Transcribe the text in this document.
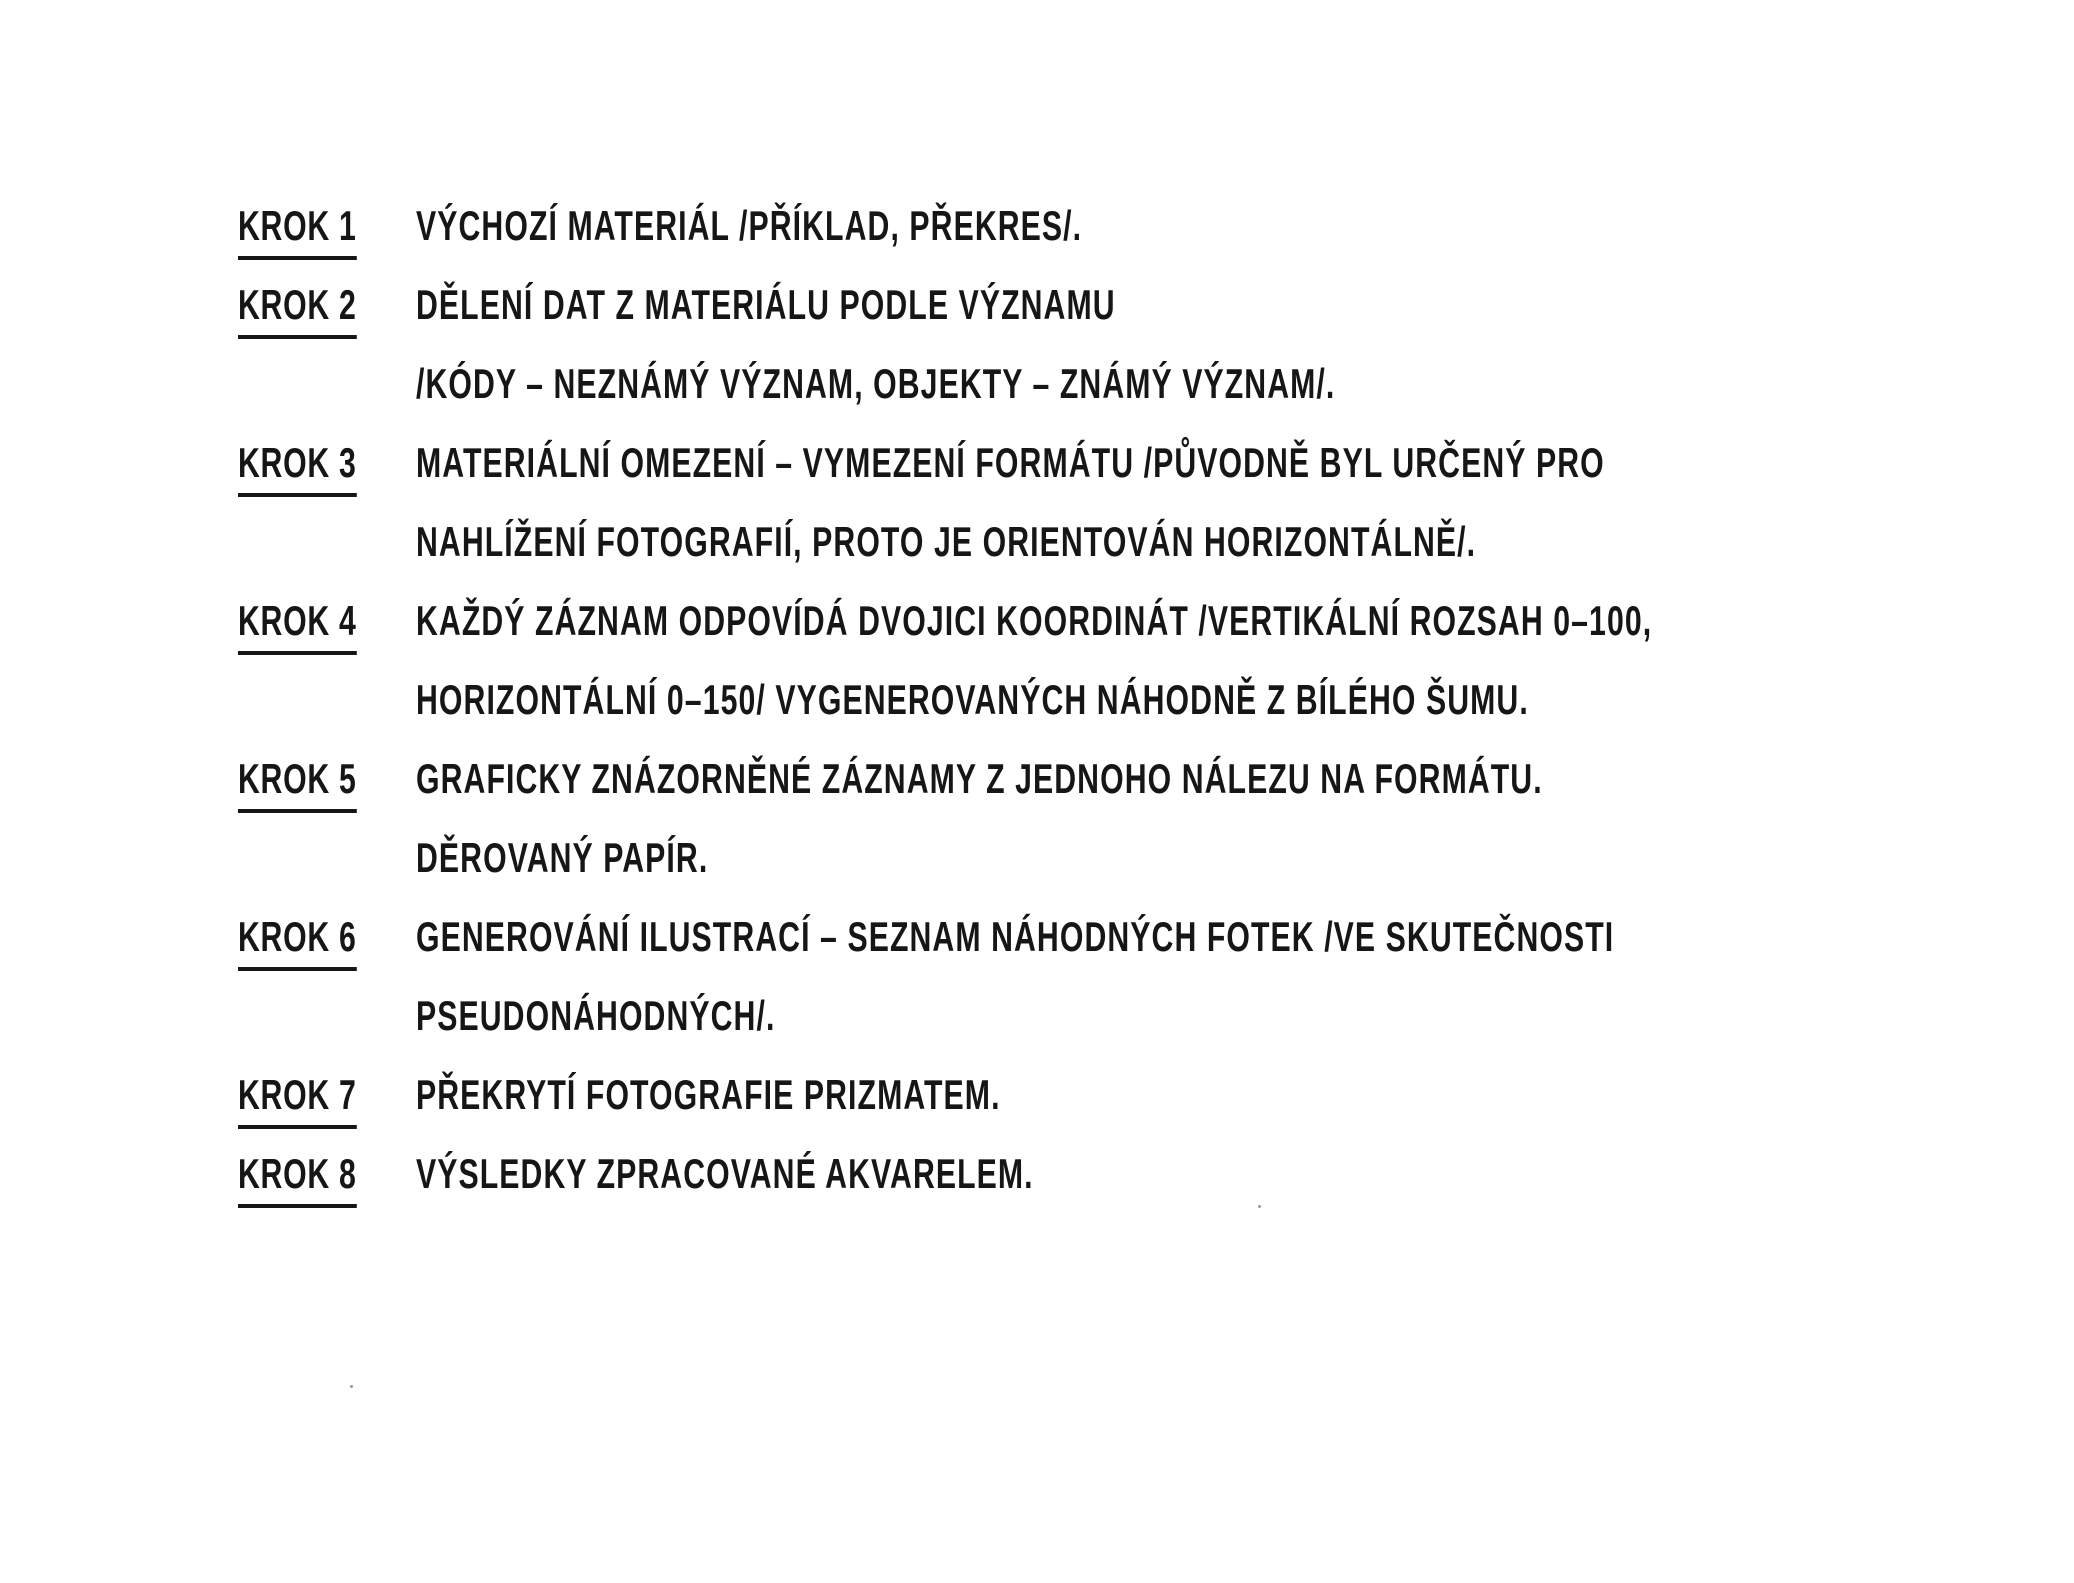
KROK 1 VÝCHOZÍ MATERIÁL /PŘÍKLAD, PŘEKRES/.
KROK 2 DĚLENÍ DAT Z MATERIÁLU PODLE VÝZNAMU
/KÓDY – NEZNÁMÝ VÝZNAM, OBJEKTY – ZNÁMÝ VÝZNAM/.
KROK 3 MATERIÁLNÍ OMEZENÍ – VYMEZENÍ FORMÁTU /PŮVODNĚ BYL URČENÝ PRO
NAHLÍŽENÍ FOTOGRAFIÍ, PROTO JE ORIENTOVÁN HORIZONTÁLNĚ/.
KROK 4 KAŽDÝ ZÁZNAM ODPOVÍDÁ DVOJICI KOORDINÁT /VERTIKÁLNÍ ROZSAH 0–100,
HORIZONTÁLNÍ 0–150/ VYGENEROVANÝCH NÁHODNĚ Z BÍLÉHO ŠUMU.
KROK 5 GRAFICKY ZNÁZORNĚNÉ ZÁZNAMY Z JEDNOHO NÁLEZU NA FORMÁTU.
DĚROVANÝ PAPÍR.
KROK 6 GENEROVÁNÍ ILUSTRACÍ – SEZNAM NÁHODNÝCH FOTEK /VE SKUTEČNOSTI
PSEUDONÁHODNÝCH/.
KROK 7 PŘEKRYTÍ FOTOGRAFIE PRIZMATEM.
KROK 8 VÝSLEDKY ZPRACOVANÉ AKVARELEM.
